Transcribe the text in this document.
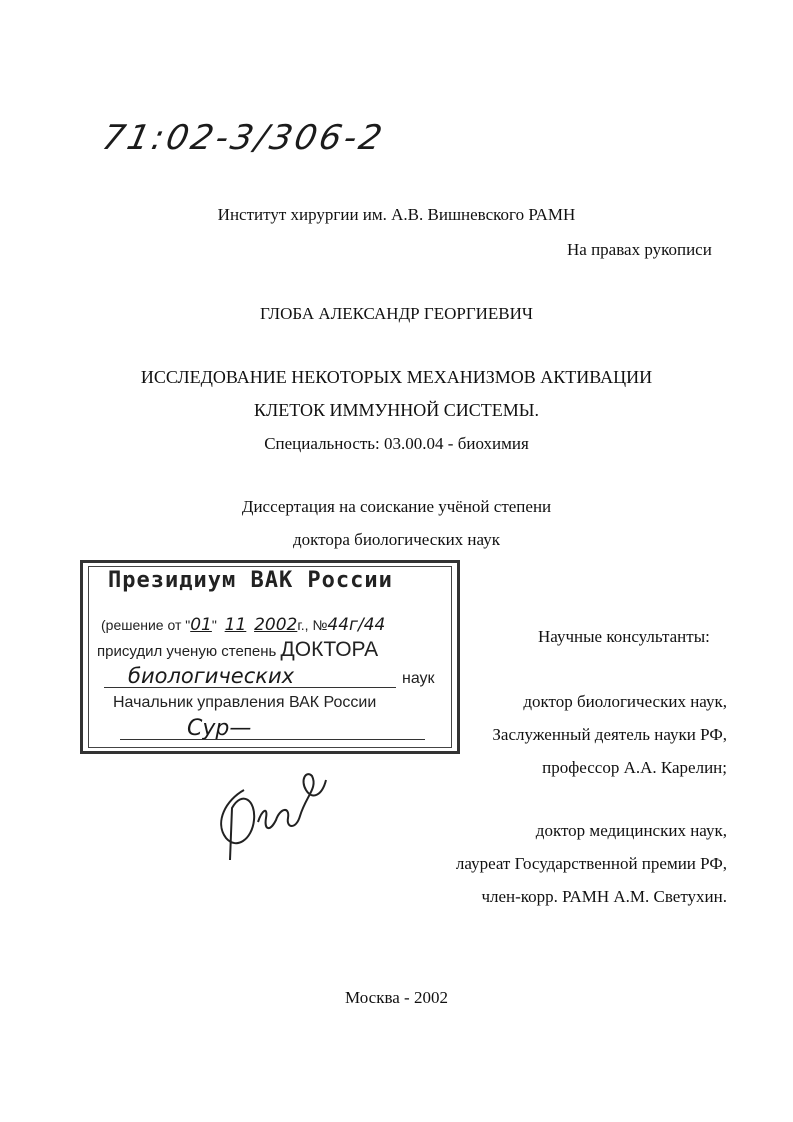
71:02-3/306-2
Институт хирургии им. А.В. Вишневского РАМН
На правах рукописи
ГЛОБА АЛЕКСАНДР ГЕОРГИЕВИЧ
ИССЛЕДОВАНИЕ НЕКОТОРЫХ МЕХАНИЗМОВ АКТИВАЦИИ
КЛЕТОК ИММУННОЙ СИСТЕМЫ.
Специальность: 03.00.04 - биохимия
Диссертация на соискание учёной степени
доктора биологических наук
Президиум ВАК России
(решение от "01" 11 2002г., №44г/44
присудил ученую степень ДОКТОРА
биологических	наук
Начальник управления ВАК России
Сур—
Научные консультанты:
доктор биологических наук,
Заслуженный деятель науки РФ,
профессор А.А. Карелин;
доктор медицинских наук,
лауреат Государственной премии РФ,
член-корр. РАМН А.М. Светухин.
Москва - 2002
